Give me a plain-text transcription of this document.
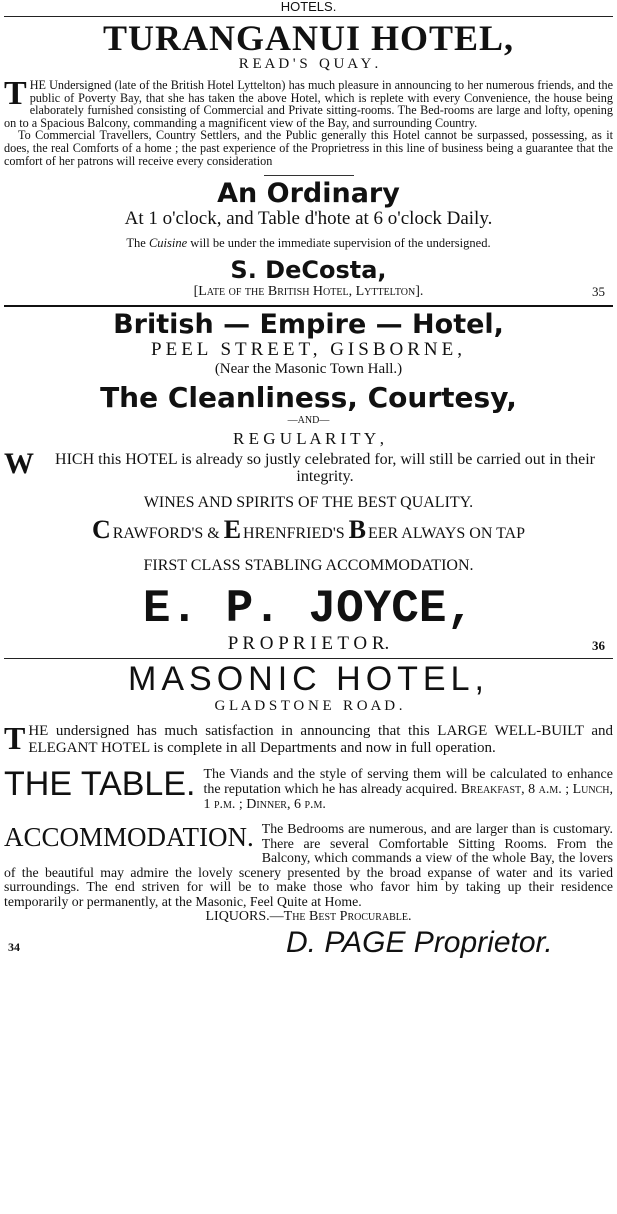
HOTELS.
TURANGANUI HOTEL,
R E A D ' S   Q U A Y .
THE Undersigned (late of the British Hotel Lyttelton) has much pleasure in announcing to her numerous friends, and the public of Poverty Bay, that she has taken the above Hotel, which is replete with every Convenience, the house being elaborately furnished consisting of Commercial and Private sitting-rooms. The Bed-rooms are large and lofty, opening on to a Spacious Balcony, commanding a magnificent view of the Bay, and surrounding Country.
To Commercial Travellers, Country Settlers, and the Public generally this Hotel cannot be surpassed, possessing, as it does, the real Comforts of a home ; the past experience of the Proprietress in this line of business being a guarantee that the comfort of her patrons will receive every consideration
An Ordinary
At 1 o'clock, and Table d'hote at 6 o'clock Daily.
The Cuisine will be under the immediate supervision of the undersigned.
S. DeCosta,
[Late of the British Hotel, Lyttelton].	35
British — Empire — Hotel,
PEEL STREET, GISBORNE,
(Near the Masonic Town Hall.)
The Cleanliness, Courtesy,
—AND—
R E G U L A R I T Y ,
W HICH this HOTEL is already so justly celebrated for, will still be carried out in their integrity.
WINES AND SPIRITS OF THE BEST QUALITY.
CRAWFORD'S & E HRENFRIED'S B EER ALWAYS ON TAP
FIRST CLASS STABLING ACCOMMODATION.
E. P. JOYCE,
P R O P R I E T O R.	36
MASONIC HOTEL,
G L A D S T O N E   R O A D .
THE undersigned has much satisfaction in announcing that this LARGE WELL-BUILT and ELEGANT HOTEL is complete in all Departments and now in full operation.
THE TABLE. The Viands and the style of serving them will be calculated to enhance the reputation which he has already acquired. Breakfast, 8 a.m. ; Lunch, 1 p.m. ; Dinner, 6 p.m.
ACCOMMODATION. The Bedrooms are numerous, and are larger than is customary. There are several Comfortable Sitting Rooms. From the Balcony, which commands a view of the whole Bay, the lovers of the beautiful may admire the lovely scenery presented by the broad expanse of water and its varied surroundings. The end striven for will be to make those who favor him by taking up their residence temporarily or permanently, at the Masonic, Feel Quite at Home.
LIQUORS.—The Best Procurable.
34	D. PAGE Proprietor.
